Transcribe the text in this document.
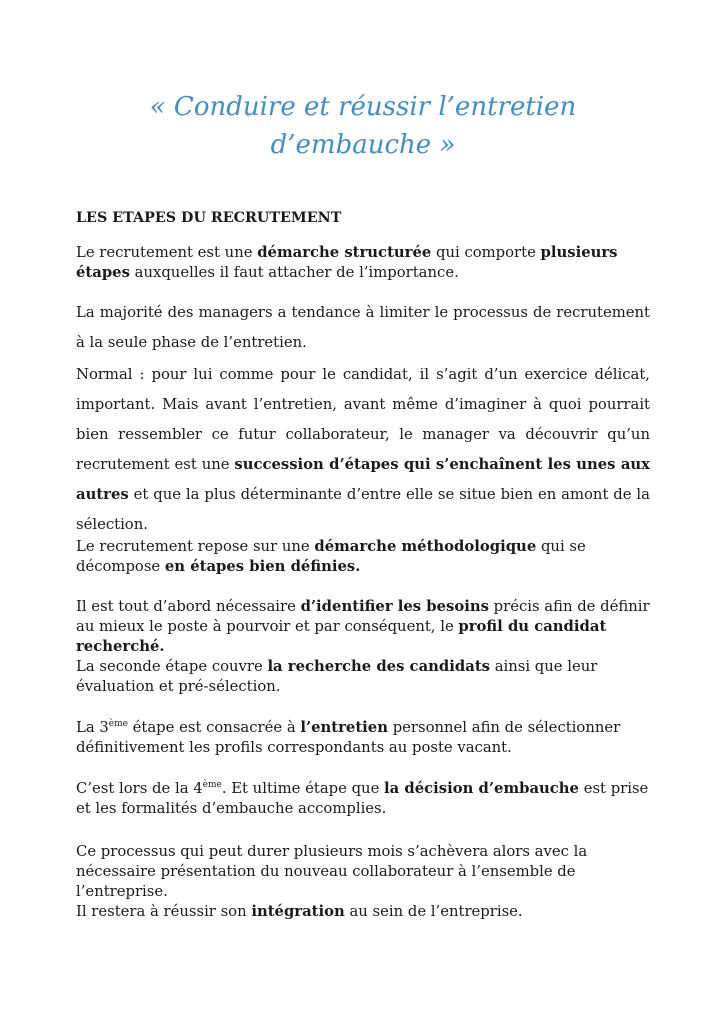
« Conduire et réussir l’entretien
d’embauche »
LES ETAPES DU RECRUTEMENT

Le recrutement est une démarche structurée qui comporte plusieurs étapes auxquelles il faut attacher de l’importance.

La majorité des managers a tendance à limiter le processus de recrutement à la seule phase de l’entretien.

Normal : pour lui comme pour le candidat, il s’agit d’un exercice délicat, important. Mais avant l’entretien, avant même d’imaginer à quoi pourrait bien ressembler ce futur collaborateur, le manager va découvrir qu’un recrutement est une succession d’étapes qui s’enchaînent les unes aux autres et que la plus déterminante d’entre elle se situe bien en amont de la sélection.

Le recrutement repose sur une démarche méthodologique qui se décompose en étapes bien définies.

Il est tout d’abord nécessaire d’identifier les besoins précis afin de définir au mieux le poste à pourvoir et par conséquent, le profil du candidat recherché.

La seconde étape couvre la recherche des candidats ainsi que leur évaluation et pré-sélection.

La 3ème étape est consacrée à l’entretien personnel afin de sélectionner définitivement les profils correspondants au poste vacant.

C’est lors de la 4ème. Et ultime étape que la décision d’embauche est prise et les formalités d’embauche accomplies.

Ce processus qui peut durer plusieurs mois s’achèvera alors avec la nécessaire présentation du nouveau collaborateur à l’ensemble de l’entreprise.
Il restera à réussir son intégration au sein de l’entreprise.
